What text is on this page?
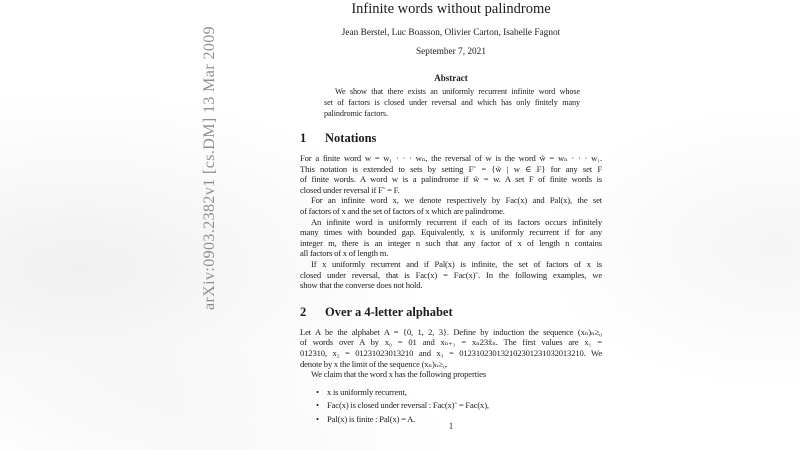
arXiv:0903.2382v1 [cs.DM] 13 Mar 2009
Infinite words without palindrome
Jean Berstel, Luc Boasson, Olivier Carton, Isabelle Fagnot
September 7, 2021
Abstract
We show that there exists an uniformly recurrent infinite word whose
set of factors is closed under reversal and which has only finitely many
palindromic factors.
1 Notations
For a finite word w = w₁ · · · wₙ, the reversal of w is the word w̃ = wₙ · · · w₁.
This notation is extended to sets by setting F˜ = {w̃ | w ∈ F} for any set F
of finite words. A word w is a palindrome if w̃ = w. A set F of finite words is
closed under reversal if F˜ = F.
For an infinite word x, we denote respectively by Fac(x) and Pal(x), the set
of factors of x and the set of factors of x which are palindrome.
An infinite word is uniformly recurrent if each of its factors occurs infinitely
many times with bounded gap. Equivalently, x is uniformly recurrent if for any
integer m, there is an integer n such that any factor of x of length n contains
all factors of x of length m.
If x uniformly recurrent and if Pal(x) is infinite, the set of factors of x is
closed under reversal, that is Fac(x) = Fac(x)˜. In the following examples, we
show that the converse does not hold.
2 Over a 4-letter alphabet
Let A be the alphabet A = {0, 1, 2, 3}. Define by induction the sequence (xₙ)ₙ≥₀
of words over A by x₀ = 01 and xₙ₊₁ = xₙ23x̃ₙ. The first values are x₁ =
012310, x₂ = 01231023013210 and x₃ = 012310230132102301231032013210. We
denote by x the limit of the sequence (xₙ)ₙ≥₀.
We claim that the word x has the following properties
• x is uniformly recurrent,
• Fac(x) is closed under reversal : Fac(x)˜ = Fac(x),
• Pal(x) is finite : Pal(x) = A.
1
